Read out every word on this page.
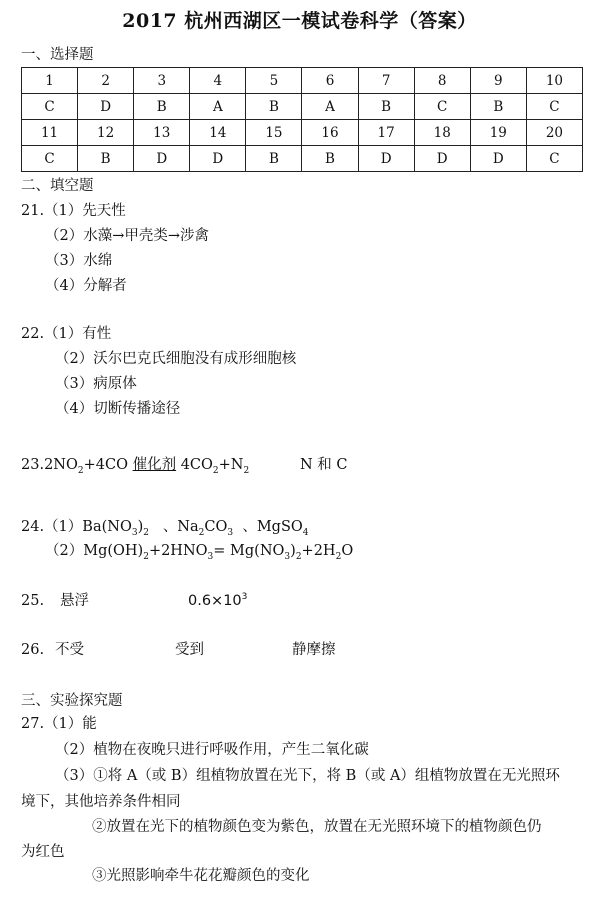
2017 杭州西湖区一模试卷科学（答案）
一、选择题
1	2	3	4	5	6	7	8	9	10
C	D	B	A	B	A	B	C	B	C
11	12	13	14	15	16	17	18	19	20
C	B	D	D	B	B	D	D	D	C
二、填空题
21.（1）先天性
（2）水藻→甲壳类→涉禽
（3）水绵
（4）分解者
22.（1）有性
（2）沃尔巴克氏细胞没有成形细胞核
（3）病原体
（4）切断传播途径
$23.2NO_2+4CO$ 催化剂 $4CO_2+N_2$	N 和 C
$24.(1)Ba(NO_3)_2$ 、$Na_2CO_3$ 、MgSO$_4$
$(2)Mg(OH)_2+2HNO_3= Mg(NO_3)_2+2H_2O$
25. 悬浮	$0.6\times 10^3$
26. 不受	受到	静摩擦
三、实验探究题
27.（1）能
（2）植物在夜晚只进行呼吸作用，产生二氧化碳
（3）①将 A（或 B）组植物放置在光下，将 B（或 A）组植物放置在无光照环
境下，其他培养条件相同
②放置在光下的植物颜色变为紫色，放置在无光照环境下的植物颜色仍
为红色
③光照影响牵牛花花瓣颜色的变化
